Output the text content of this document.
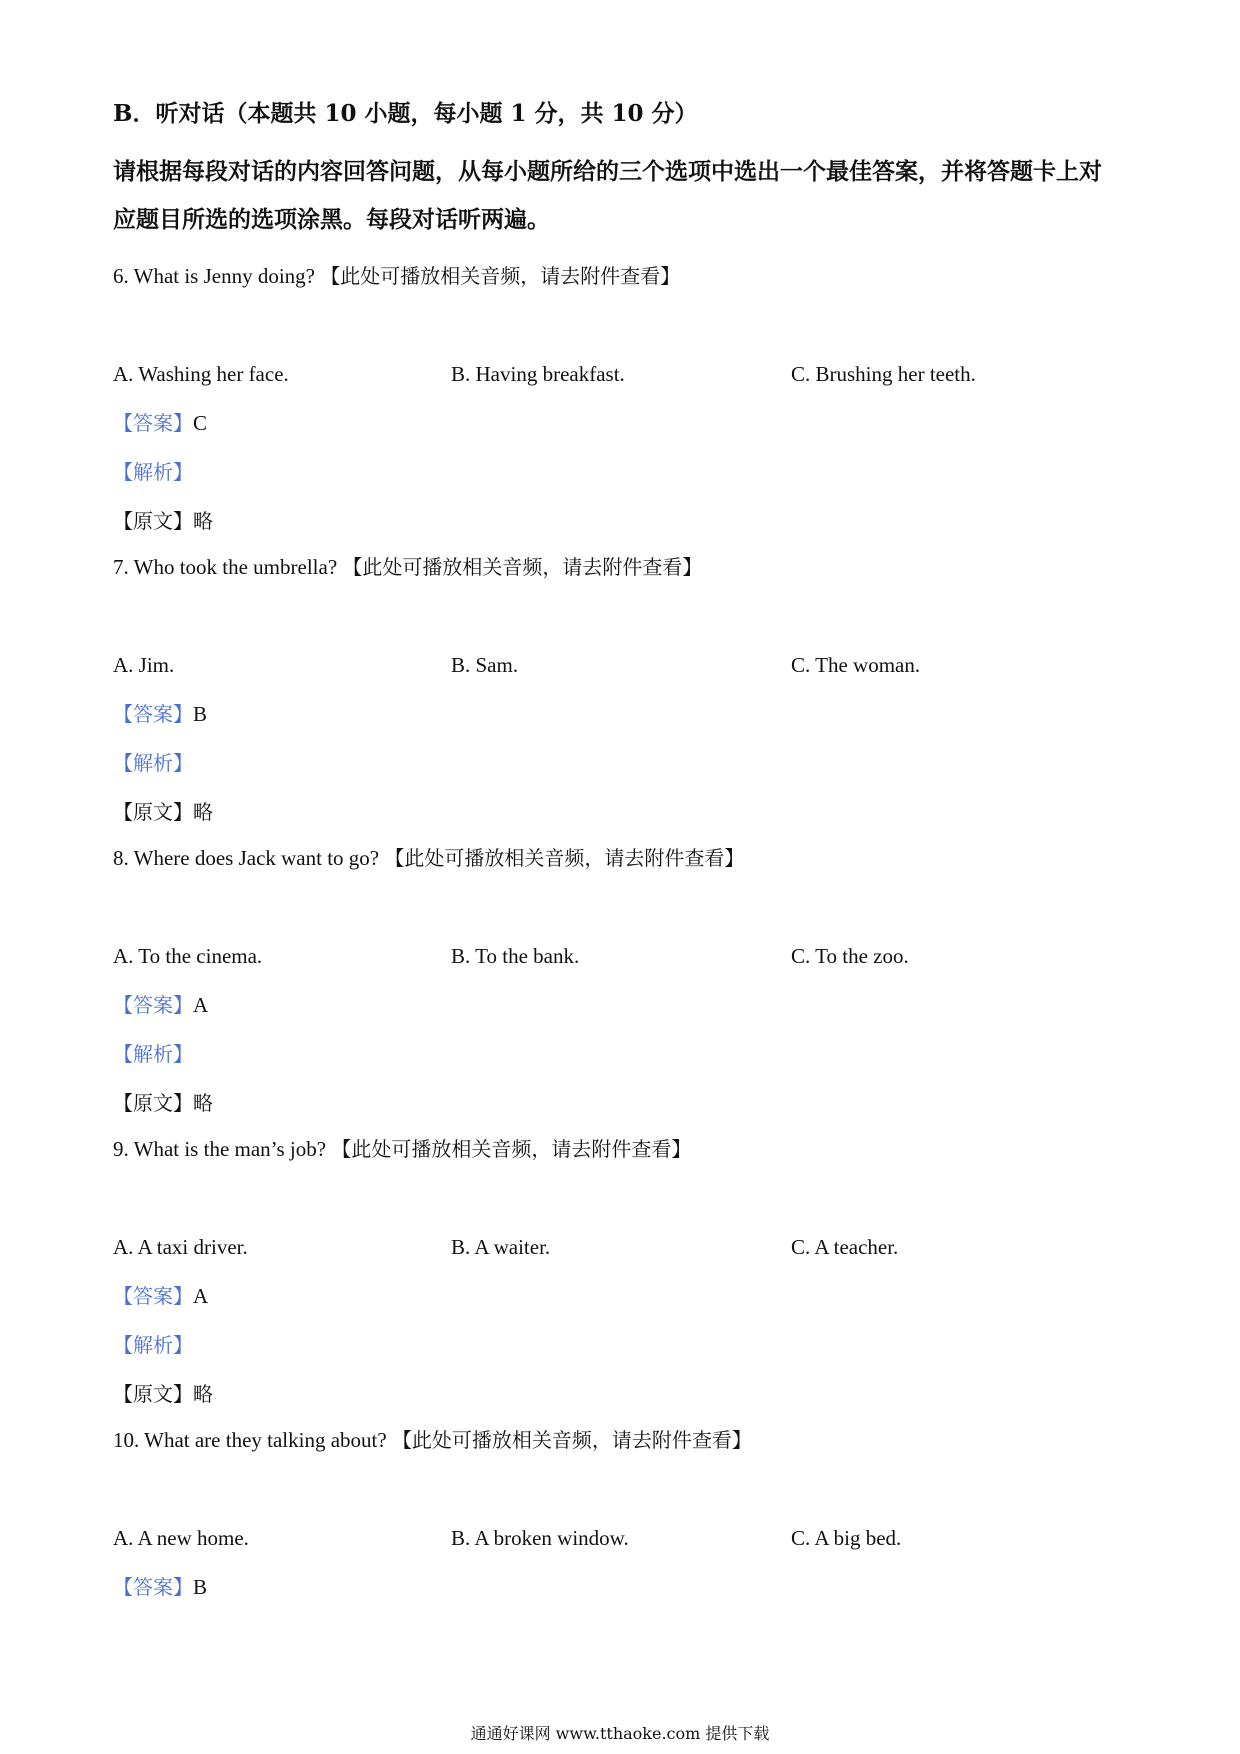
B．听对话（本题共 10 小题，每小题 1 分，共 10 分）

请根据每段对话的内容回答问题，从每小题所给的三个选项中选出一个最佳答案，并将答题卡上对应题目所选的选项涂黑。每段对话听两遍。

6. What is Jenny doing? 【此处可播放相关音频，请去附件查看】
A. Washing her face.	B. Having breakfast.	C. Brushing her teeth.
【答案】C
【解析】
【原文】略
7. Who took the umbrella? 【此处可播放相关音频，请去附件查看】
A. Jim.	B. Sam.	C. The woman.
【答案】B
【解析】
【原文】略
8. Where does Jack want to go? 【此处可播放相关音频，请去附件查看】
A. To the cinema.	B. To the bank.	C. To the zoo.
【答案】A
【解析】
【原文】略
9. What is the man’s job? 【此处可播放相关音频，请去附件查看】
A. A taxi driver.	B. A waiter.	C. A teacher.
【答案】A
【解析】
【原文】略
10. What are they talking about? 【此处可播放相关音频，请去附件查看】
A. A new home.	B. A broken window.	C. A big bed.
【答案】B
通通好课网 www.tthaoke.com 提供下载
